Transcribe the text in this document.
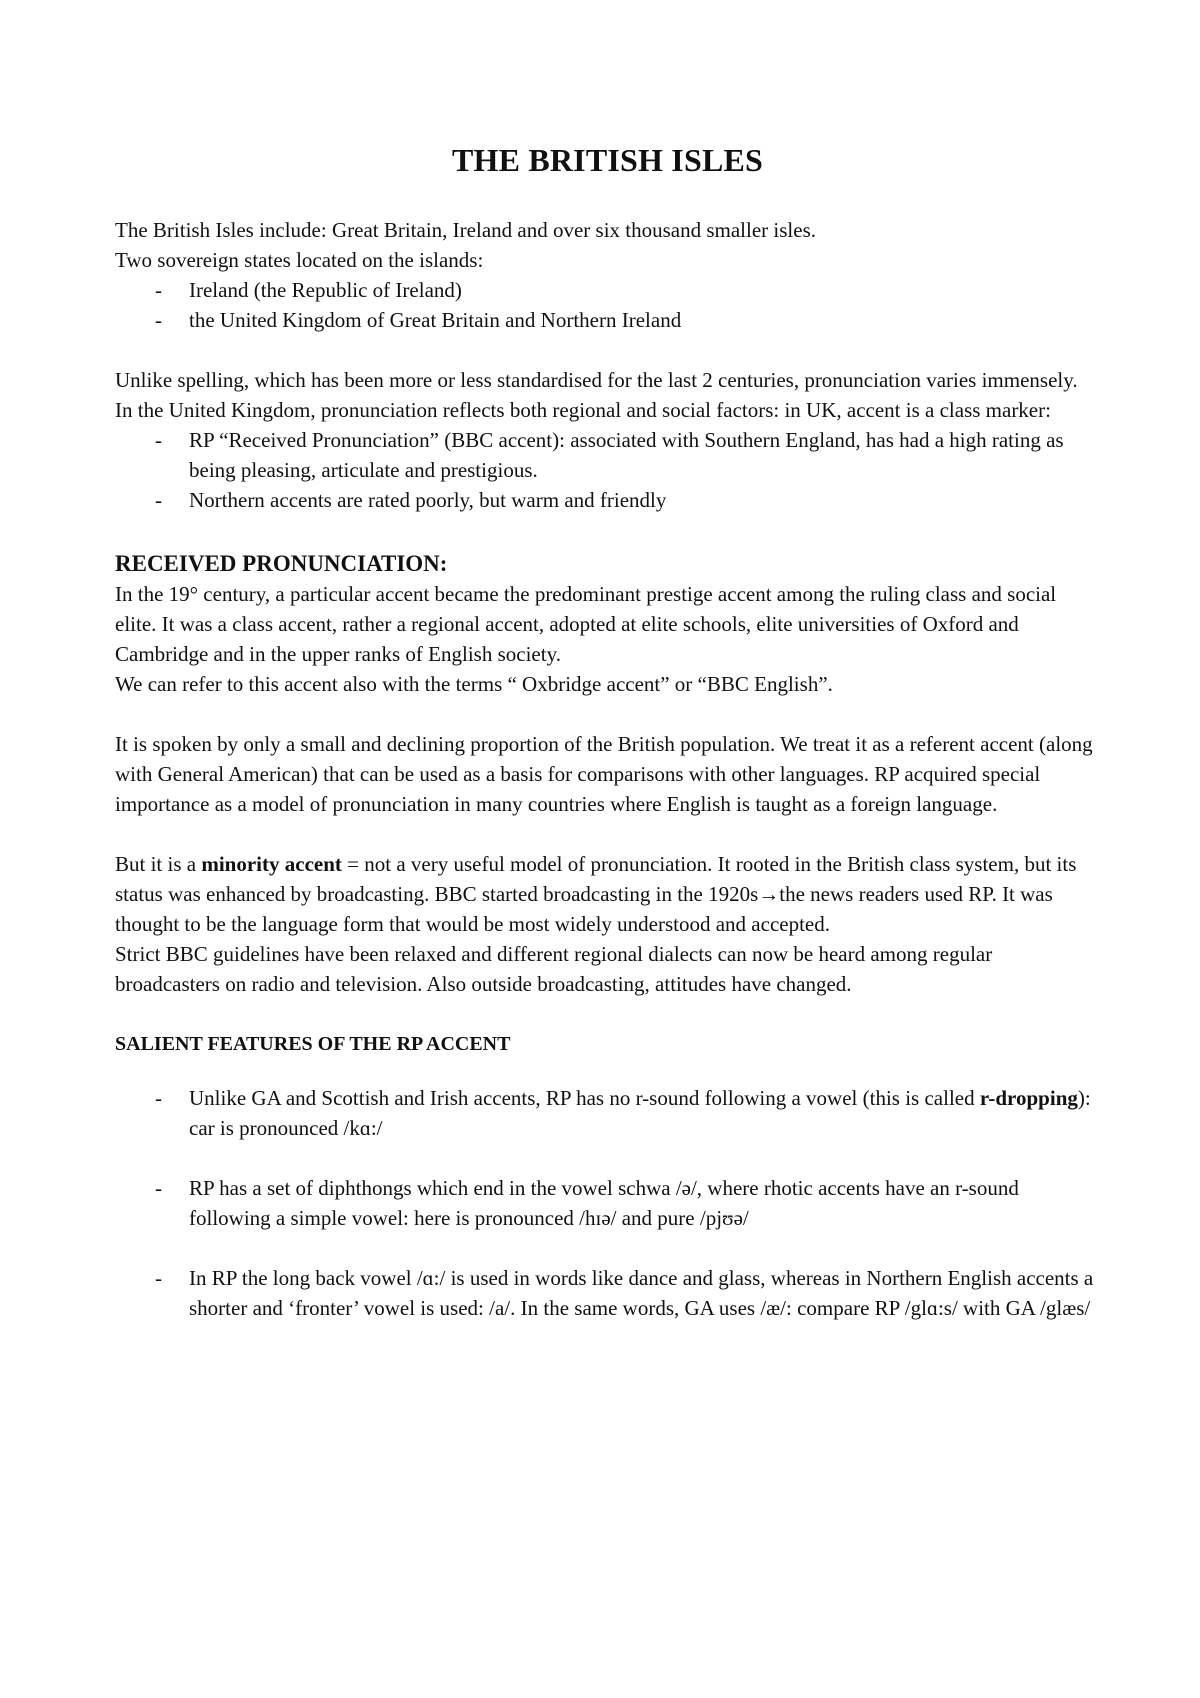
THE BRITISH ISLES

The British Isles include: Great Britain, Ireland and over six thousand smaller isles.

Two sovereign states located on the islands:

- Ireland (the Republic of Ireland)
- the United Kingdom of Great Britain and Northern Ireland

Unlike spelling, which has been more or less standardised for the last 2 centuries, pronunciation varies immensely. In the United Kingdom, pronunciation reflects both regional and social factors: in UK, accent is a class marker:

- RP “Received Pronunciation” (BBC accent): associated with Southern England, has had a high rating as being pleasing, articulate and prestigious.
- Northern accents are rated poorly, but warm and friendly

RECEIVED PRONUNCIATION:

In the 19° century, a particular accent became the predominant prestige accent among the ruling class and social elite. It was a class accent, rather a regional accent, adopted at elite schools, elite universities of Oxford and Cambridge and in the upper ranks of English society.

We can refer to this accent also with the terms “ Oxbridge accent” or “BBC English”.

It is spoken by only a small and declining proportion of the British population. We treat it as a referent accent (along with General American) that can be used as a basis for comparisons with other languages. RP acquired special importance as a model of pronunciation in many countries where English is taught as a foreign language.

But it is a minority accent = not a very useful model of pronunciation. It rooted in the British class system, but its status was enhanced by broadcasting. BBC started broadcasting in the 1920s→the news readers used RP. It was thought to be the language form that would be most widely understood and accepted.

Strict BBC guidelines have been relaxed and different regional dialects can now be heard among regular broadcasters on radio and television. Also outside broadcasting, attitudes have changed.

SALIENT FEATURES OF THE RP ACCENT

- Unlike GA and Scottish and Irish accents, RP has no r-sound following a vowel (this is called r-dropping): car is pronounced /kɑ:/
- RP has a set of diphthongs which end in the vowel schwa /ə/, where rhotic accents have an r-sound following a simple vowel: here is pronounced /hɪə/ and pure /pjʊə/
- In RP the long back vowel /ɑ:/ is used in words like dance and glass, whereas in Northern English accents a shorter and ‘fronter’ vowel is used: /a/. In the same words, GA uses /æ/: compare RP /glɑ:s/ with GA /glæs/
